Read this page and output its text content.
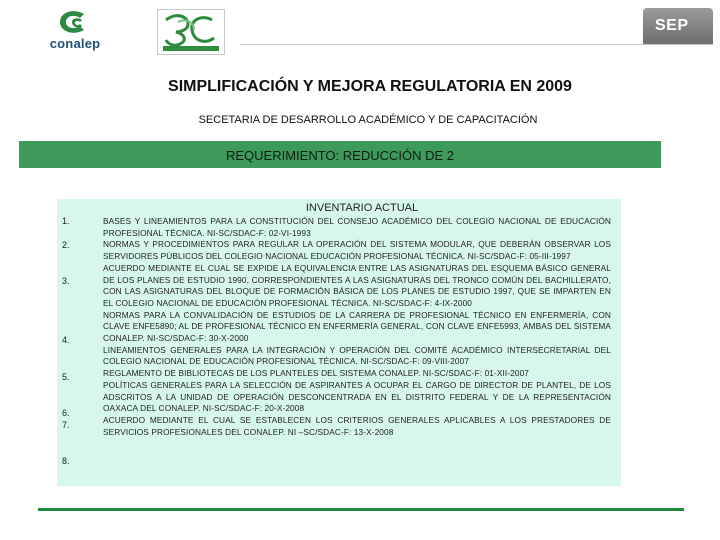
conalep
SEP
SIMPLIFICACIÓN Y MEJORA REGULATORIA EN 2009
SECETARIA DE DESARROLLO ACADÉMICO Y DE CAPACITACIÓN
REQUERIMIENTO: REDUCCIÓN DE 2
INVENTARIO ACTUAL
1.
2.
3.
4.
5.
6.
7.
8.
BASES Y LINEAMIENTOS PARA LA CONSTITUCIÓN DEL CONSEJO ACADÉMICO DEL COLEGIO NACIONAL DE EDUCACIÓN PROFESIONAL TÉCNICA. NI-SC/SDAC-F: 02-VI-1993
NORMAS Y PROCEDIMIENTOS PARA REGULAR LA OPERACIÓN DEL SISTEMA MODULAR, QUE DEBERÁN OBSERVAR LOS SERVIDORES PÚBLICOS DEL COLEGIO NACIONAL EDUCACIÓN PROFESIONAL TÉCNICA. NI-SC/SDAC-F: 05-III-1997
ACUERDO MEDIANTE EL CUAL SE EXPIDE LA EQUIVALENCIA ENTRE LAS ASIGNATURAS DEL ESQUEMA BÁSICO GENERAL DE LOS PLANES DE ESTUDIO 1990, CORRESPONDIENTES A LAS ASIGNATURAS DEL TRONCO COMÚN DEL BACHILLERATO, CON LAS ASIGNATURAS DEL BLOQUE DE FORMACIÓN BÁSICA DE LOS PLANES DE ESTUDIO 1997, QUE SE IMPARTEN EN EL COLEGIO NACIONAL DE EDUCACIÓN PROFESIONAL TÉCNICA. NI-SC/SDAC-F: 4-IX-2000
NORMAS PARA LA CONVALIDACIÓN DE ESTUDIOS DE LA CARRERA DE PROFESIONAL TÉCNICO EN ENFERMERÍA, CON CLAVE ENFE5890; AL DE PROFESIONAL TÉCNICO EN ENFERMERÍA GENERAL, CON CLAVE ENFE5993, AMBAS DEL SISTEMA CONALEP. NI-SC/SDAC-F: 30-X-2000
LINEAMIENTOS GENERALES PARA LA INTEGRACIÓN Y OPERACIÓN DEL COMITÉ ACADÉMICO INTERSECRETARIAL DEL COLEGIO NACIONAL DE EDUCACIÓN PROFESIONAL TÉCNICA. NI-SC/SDAC-F: 09-VIII-2007
REGLAMENTO DE BIBLIOTECAS DE LOS PLANTELES DEL SISTEMA CONALEP. NI-SC/SDAC-F: 01-XII-2007
POLÍTICAS GENERALES PARA LA SELECCIÓN DE ASPIRANTES A OCUPAR EL CARGO DE DIRECTOR DE PLANTEL, DE LOS ADSCRITOS A LA UNIDAD DE OPERACIÓN DESCONCENTRADA EN EL DISTRITO FEDERAL Y DE LA REPRESENTACIÓN OAXACA DEL CONALEP. NI-SC/SDAC-F: 20-X-2008
ACUERDO MEDIANTE EL CUAL SE ESTABLECEN LOS CRITERIOS GENERALES APLICABLES A LOS PRESTADORES DE SERVICIOS PROFESIONALES DEL CONALEP. NI –SC/SDAC-F: 13-X-2008
